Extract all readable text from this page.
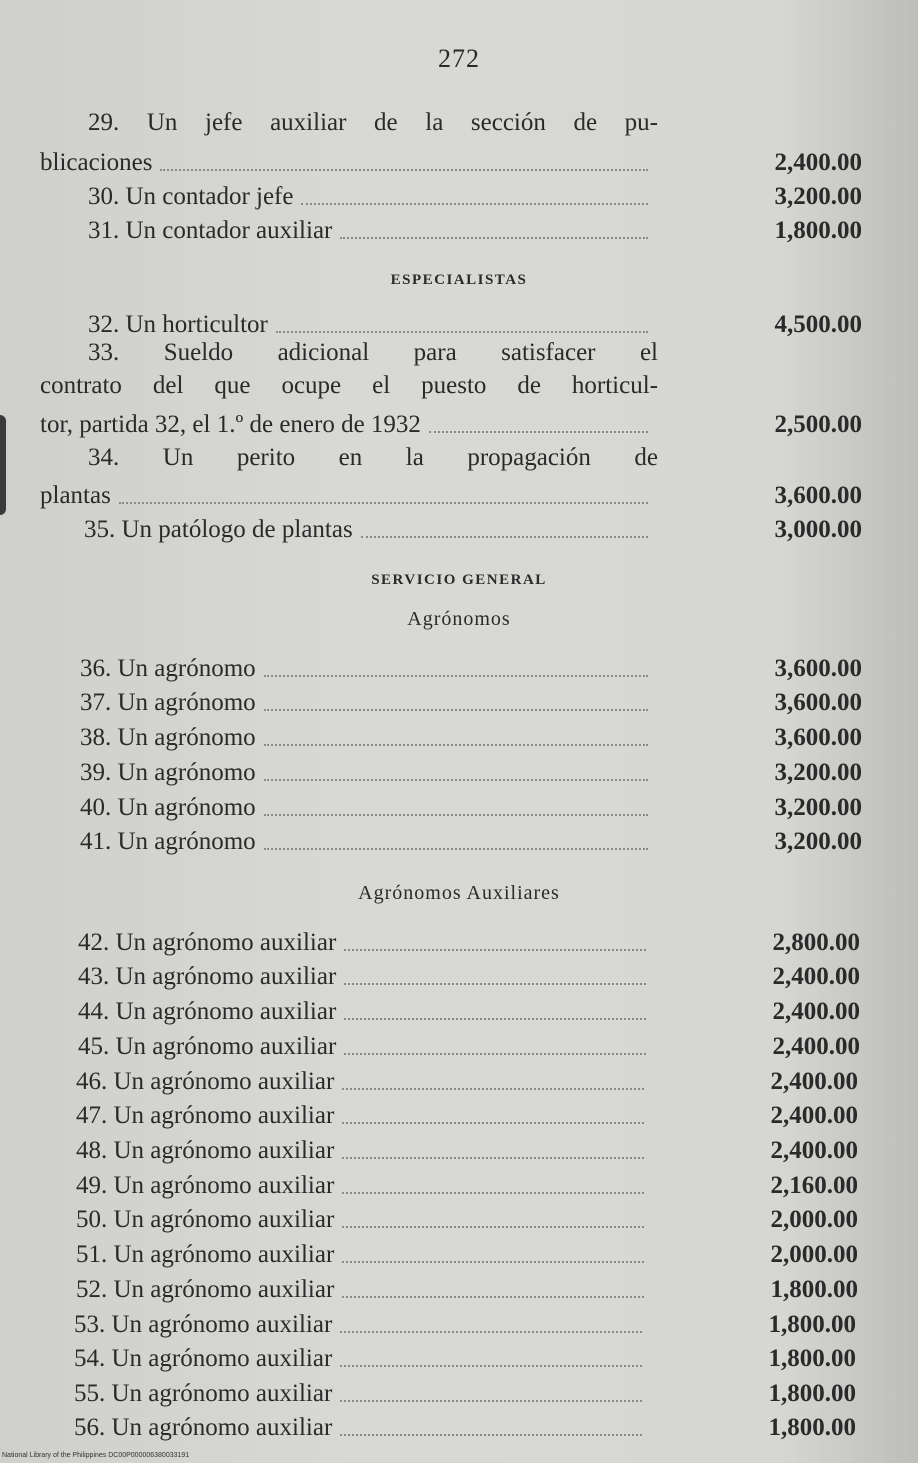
272
29. Un jefe auxiliar de la sección de pu-
blicaciones	2,400.00
30. Un contador jefe	3,200.00
31. Un contador auxiliar	1,800.00
ESPECIALISTAS
32. Un horticultor	4,500.00
33. Sueldo adicional para satisfacer el
contrato del que ocupe el puesto de horticul-
tor, partida 32, el 1.º de enero de 1932	2,500.00
34. Un perito en la propagación de
plantas	3,600.00
35. Un patólogo de plantas	3,000.00
SERVICIO GENERAL
Agrónomos
36. Un agrónomo	3,600.00
37. Un agrónomo	3,600.00
38. Un agrónomo	3,600.00
39. Un agrónomo	3,200.00
40. Un agrónomo	3,200.00
41. Un agrónomo	3,200.00
Agrónomos Auxiliares
42. Un agrónomo auxiliar	2,800.00
43. Un agrónomo auxiliar	2,400.00
44. Un agrónomo auxiliar	2,400.00
45. Un agrónomo auxiliar	2,400.00
46. Un agrónomo auxiliar	2,400.00
47. Un agrónomo auxiliar	2,400.00
48. Un agrónomo auxiliar	2,400.00
49. Un agrónomo auxiliar	2,160.00
50. Un agrónomo auxiliar	2,000.00
51. Un agrónomo auxiliar	2,000.00
52. Un agrónomo auxiliar	1,800.00
53. Un agrónomo auxiliar	1,800.00
54. Un agrónomo auxiliar	1,800.00
55. Un agrónomo auxiliar	1,800.00
56. Un agrónomo auxiliar	1,800.00
National Library of the Philippines DC00P000006380033191
